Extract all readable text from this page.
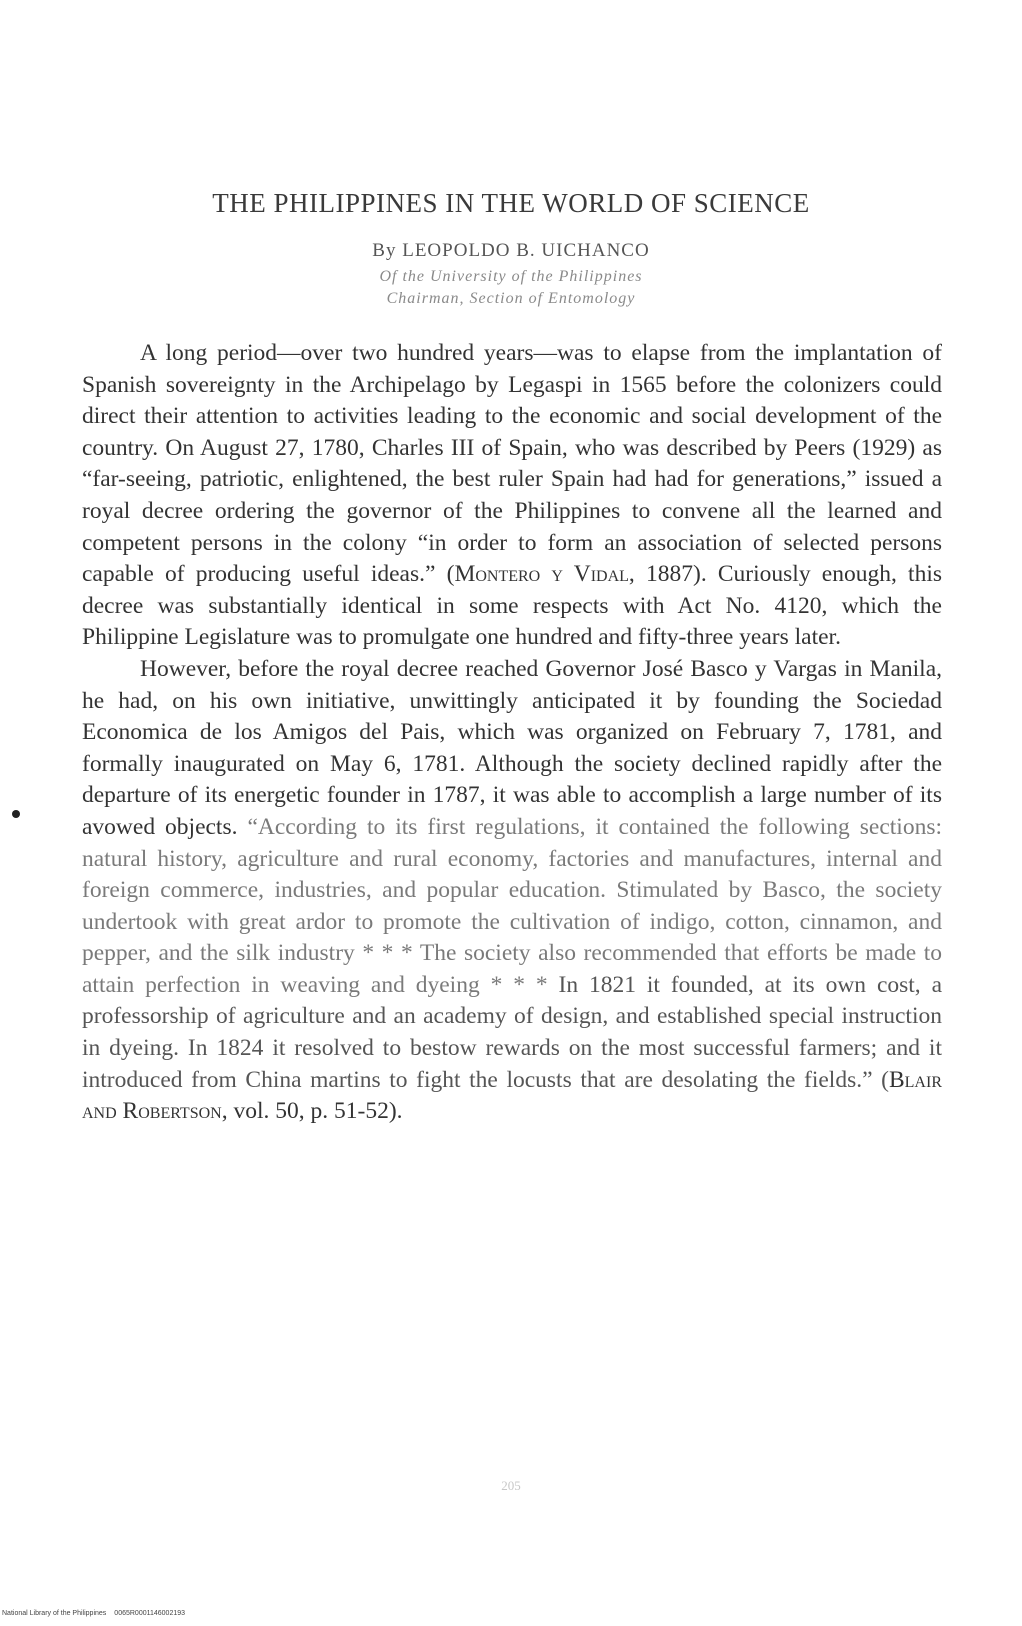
THE PHILIPPINES IN THE WORLD OF SCIENCE
By LEOPOLDO B. UICHANCO
Of the University of the Philippines
Chairman, Section of Entomology

A long period—over two hundred years—was to elapse from the implantation of Spanish sovereignty in the Archipelago by Legaspi in 1565 before the colonizers could direct their attention to activities leading to the economic and social development of the country. On August 27, 1780, Charles III of Spain, who was described by Peers (1929) as “far-seeing, patriotic, enlightened, the best ruler Spain had had for generations,” issued a royal decree ordering the governor of the Philippines to convene all the learned and competent persons in the colony “in order to form an association of selected persons capable of producing useful ideas.” (Montero y Vidal, 1887). Curiously enough, this decree was substantially identical in some respects with Act No. 4120, which the Philippine Legislature was to promulgate one hundred and fifty-three years later.

However, before the royal decree reached Governor José Basco y Vargas in Manila, he had, on his own initiative, unwittingly anticipated it by founding the Sociedad Economica de los Amigos del Pais, which was organized on February 7, 1781, and formally inaugurated on May 6, 1781. Although the society declined rapidly after the departure of its energetic founder in 1787, it was able to accomplish a large number of its avowed objects. “According to its first regulations, it contained the following sections: natural history, agriculture and rural economy, factories and manufactures, internal and foreign commerce, industries, and popular education. Stimulated by Basco, the society undertook with great ardor to promote the cultivation of indigo, cotton, cinnamon, and pepper, and the silk industry * * * The society also recommended that efforts be made to attain perfection in weaving and dyeing * * * In 1821 it founded, at its own cost, a professorship of agriculture and an academy of design, and established special instruction in dyeing. In 1824 it resolved to bestow rewards on the most successful farmers; and it introduced from China martins to fight the locusts that are desolating the fields.” (Blair and Robertson, vol. 50, p. 51-52).

205
National Library of the Philippines 0065R0001146002193
